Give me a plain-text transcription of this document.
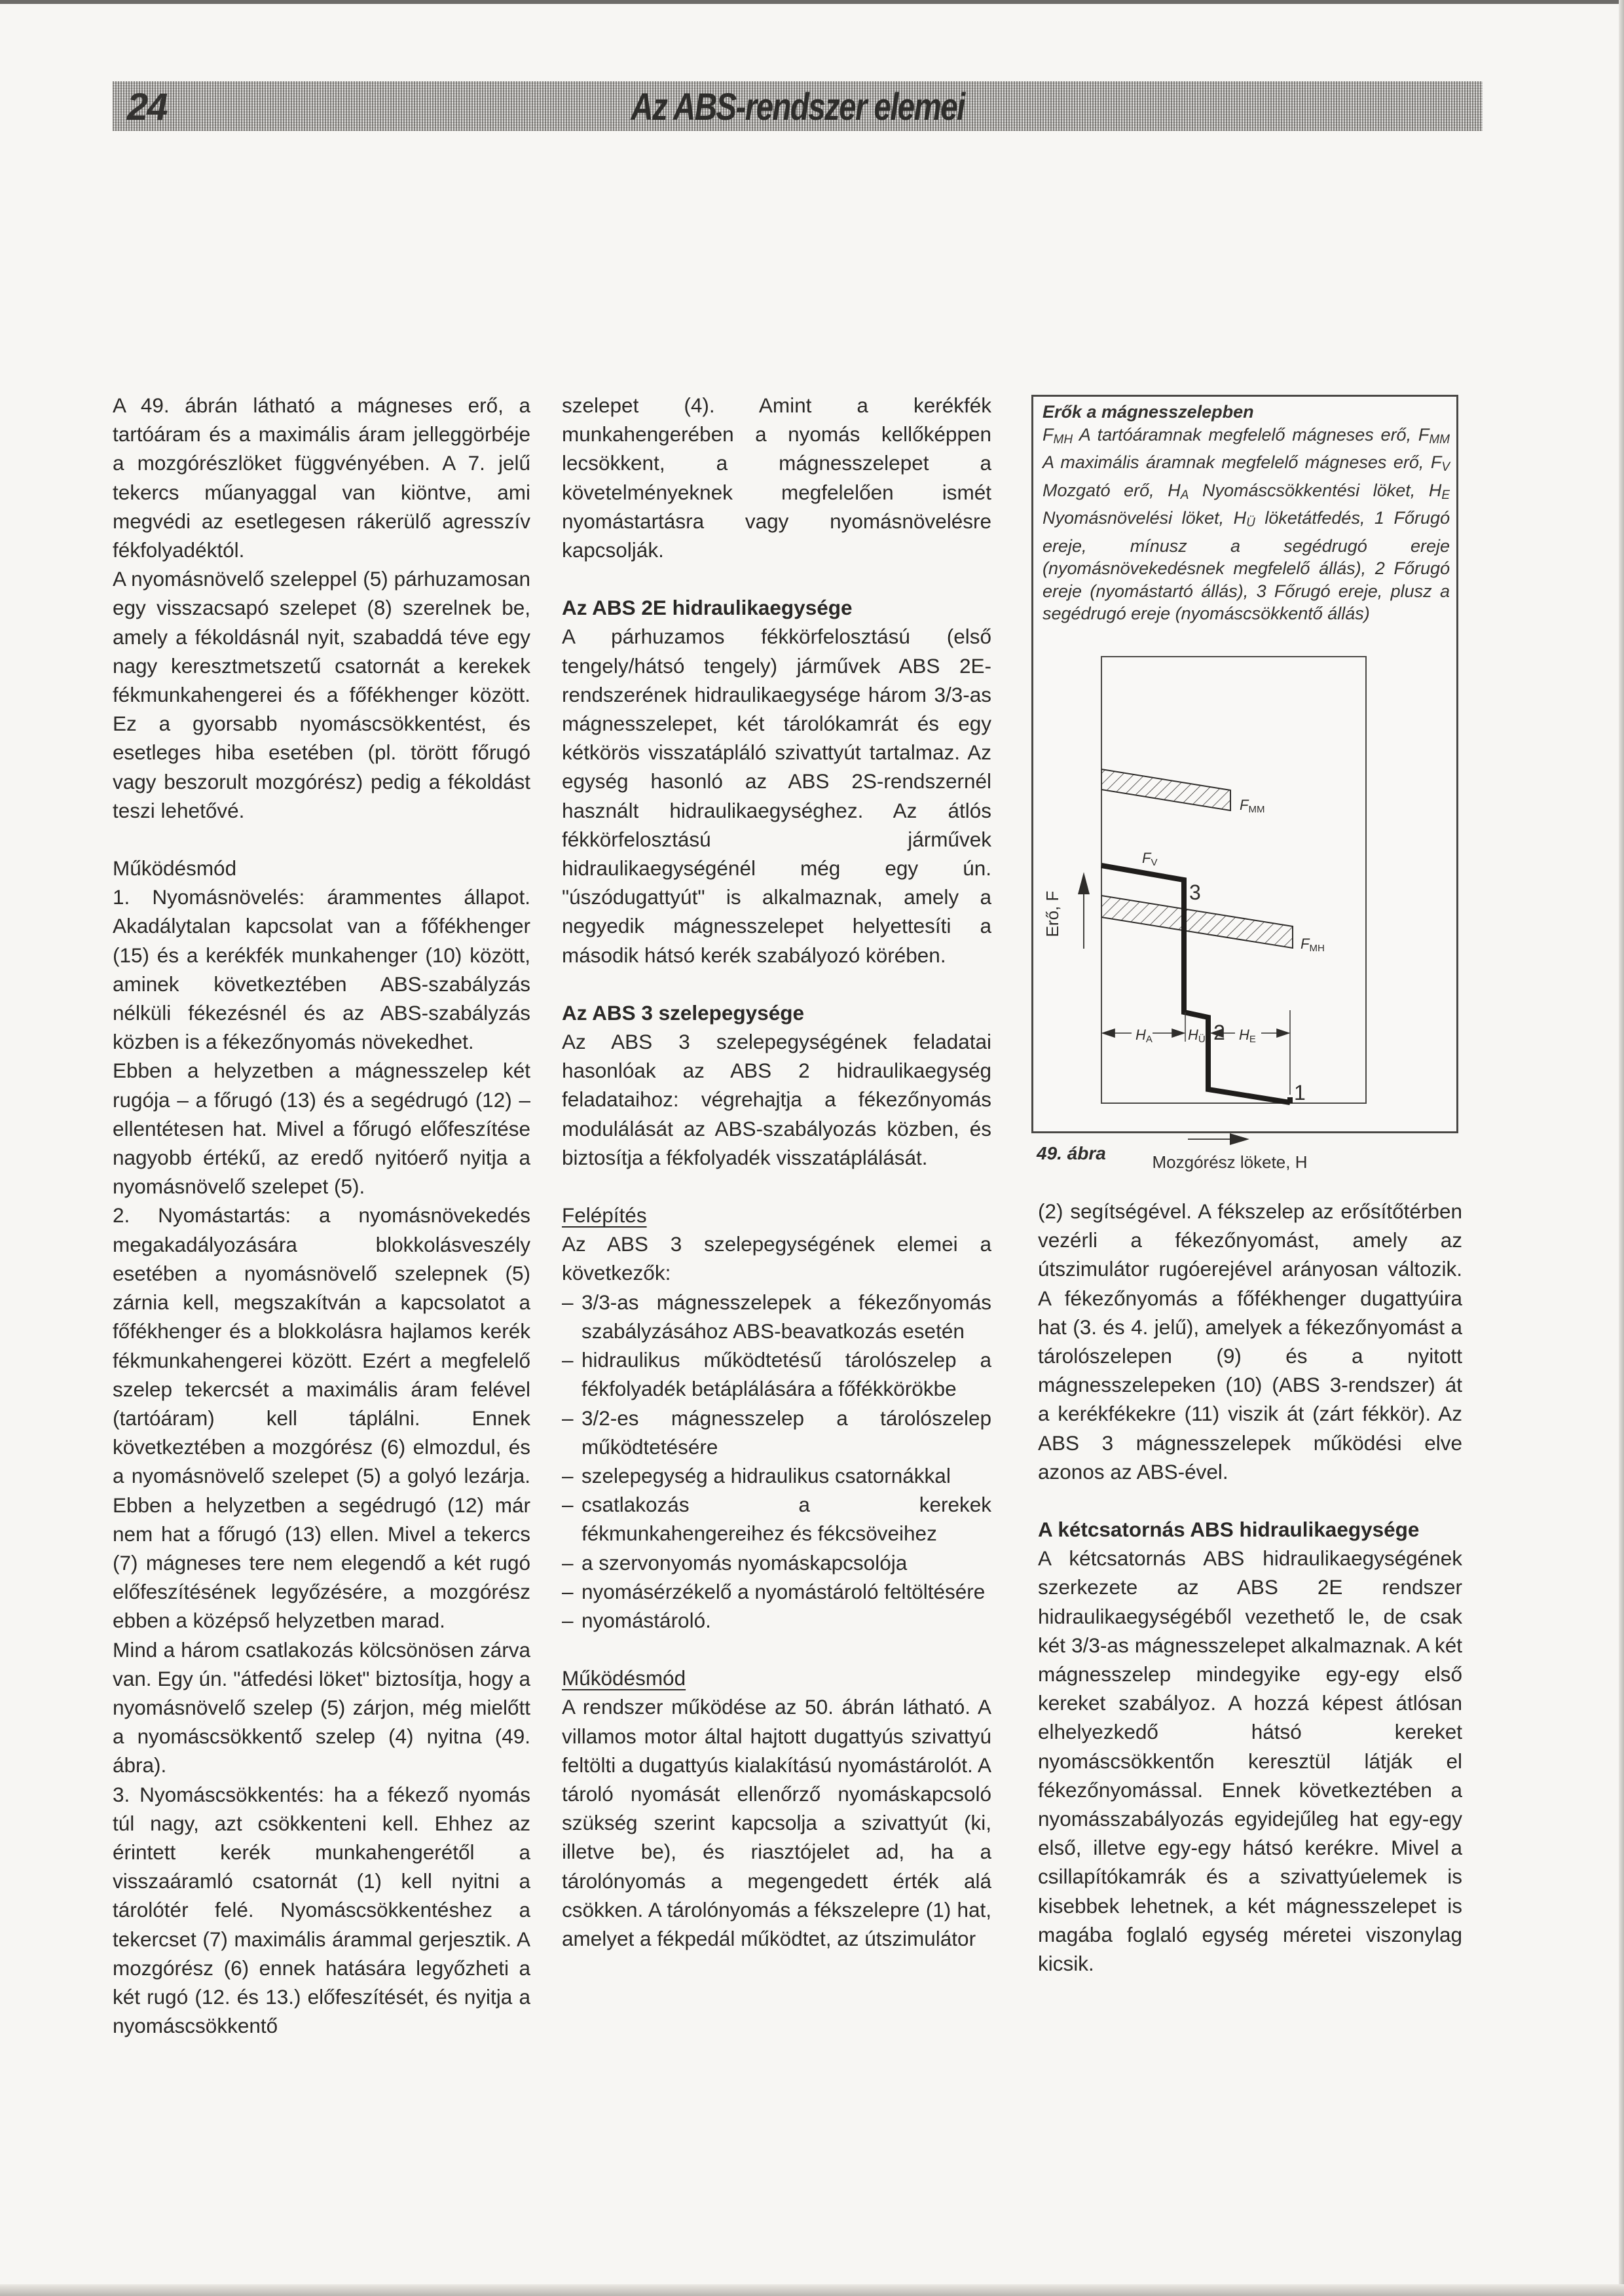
24	Az ABS-rendszer elemei

A 49. ábrán látható a mágneses erő, a tartóáram és a maximális áram jelleggörbéje a mozgórészlöket függvényében. A 7. jelű tekercs műanyaggal van kiöntve, ami megvédi az esetlegesen rákerülő agresszív fékfolyadéktól.

A nyomásnövelő szeleppel (5) párhuzamosan egy visszacsapó szelepet (8) szerelnek be, amely a fékoldásnál nyit, szabaddá téve egy nagy keresztmetszetű csatornát a kerekek fékmunkahengerei és a főfékhenger között. Ez a gyorsabb nyomáscsökkentést, és esetleges hiba esetében (pl. törött főrugó vagy beszorult mozgórész) pedig a fékoldást teszi lehetővé.

Működésmód

1. Nyomásnövelés: árammentes állapot. Akadálytalan kapcsolat van a főfékhenger (15) és a kerékfék munkahenger (10) között, aminek következtében ABS-szabályzás nélküli fékezésnél és az ABS-szabályzás közben is a fékezőnyomás növekedhet.

Ebben a helyzetben a mágnesszelep két rugója – a főrugó (13) és a segédrugó (12) – ellentétesen hat. Mivel a főrugó előfeszítése nagyobb értékű, az eredő nyitóerő nyitja a nyomásnövelő szelepet (5).

2. Nyomástartás: a nyomásnövekedés megakadályozására blokkolásveszély esetében a nyomásnövelő szelepnek (5) zárnia kell, megszakítván a kapcsolatot a főfékhenger és a blokkolásra hajlamos kerék fékmunkahengerei között. Ezért a megfelelő szelep tekercsét a maximális áram felével (tartóáram) kell táplálni. Ennek következtében a mozgórész (6) elmozdul, és a nyomásnövelő szelepet (5) a golyó lezárja. Ebben a helyzetben a segédrugó (12) már nem hat a főrugó (13) ellen. Mivel a tekercs (7) mágneses tere nem elegendő a két rugó előfeszítésének legyőzésére, a mozgórész ebben a középső helyzetben marad.

Mind a három csatlakozás kölcsönösen zárva van. Egy ún. "átfedési löket" biztosítja, hogy a nyomásnövelő szelep (5) zárjon, még mielőtt a nyomáscsökkentő szelep (4) nyitna (49. ábra).

3. Nyomáscsökkentés: ha a fékező nyomás túl nagy, azt csökkenteni kell. Ehhez az érintett kerék munkahengerétől a visszaáramló csatornát (1) kell nyitni a tárolótér felé. Nyomáscsökkentéshez a tekercset (7) maximális árammal gerjesztik. A mozgórész (6) ennek hatására legyőzheti a két rugó (12. és 13.) előfeszítését, és nyitja a nyomáscsökkentő

szelepet (4). Amint a kerékfék munkahengerében a nyomás kellőképpen lecsökkent, a mágnesszelepet a követelményeknek megfelelően ismét nyomástartásra vagy nyomásnövelésre kapcsolják.

Az ABS 2E hidraulikaegysége

A párhuzamos fékkörfelosztású (első tengely/hátsó tengely) járművek ABS 2E-rendszerének hidraulikaegysége három 3/3-as mágnesszelepet, két tárolókamrát és egy kétkörös visszatápláló szivattyút tartalmaz. Az egység hasonló az ABS 2S-rendszernél használt hidraulikaegységhez. Az átlós fékkörfelosztású járművek hidraulikaegységénél még egy ún. "úszódugattyút" is alkalmaznak, amely a negyedik mágnesszelepet helyettesíti a második hátsó kerék szabályozó körében.

Az ABS 3 szelepegysége

Az ABS 3 szelepegységének feladatai hasonlóak az ABS 2 hidraulikaegység feladataihoz: végrehajtja a fékezőnyomás modulálását az ABS-szabályozás közben, és biztosítja a fékfolyadék visszatáplálását.

Felépítés

Az ABS 3 szelepegységének elemei a következők:

– 3/3-as mágnesszelepek a fékezőnyomás szabályzásához ABS-beavatkozás esetén
– hidraulikus működtetésű tárolószelep a fékfolyadék betáplálására a főfékkörökbe
– 3/2-es mágnesszelep a tárolószelep működtetésére
– szelepegység a hidraulikus csatornákkal
– csatlakozás a kerekek fékmunkahengereihez és fékcsöveihez
– a szervonyomás nyomáskapcsolója
– nyomásérzékelő a nyomástároló feltöltésére
– nyomástároló.

Működésmód

A rendszer működése az 50. ábrán látható. A villamos motor által hajtott dugattyús szivattyú feltölti a dugattyús kialakítású nyomástárolót. A tároló nyomását ellenőrző nyomáskapcsoló szükség szerint kapcsolja a szivattyút (ki, illetve be), és riasztójelet ad, ha a tárolónyomás a megengedett érték alá csökken. A tárolónyomás a fékszelepre (1) hat, amelyet a fékpedál működtet, az útszimulátor

Erők a mágnesszelepben
$F_{MH}$ A tartóáramnak megfelelő mágneses erő, $F_{MM}$ A maximális áramnak megfelelő mágneses erő, $F_V$ Mozgató erő, $H_A$ Nyomáscsökkentési löket, $H_E$ Nyomásnövelési löket, $H_Ü$ löketátfedés, 1 Főrugó ereje, mínusz a segédrugó ereje (nyomásnövekedésnek megfelelő állás), 2 Főrugó ereje (nyomástartó állás), 3 Főrugó ereje, plusz a segédrugó ereje (nyomáscsökkentő állás)
Erő, F
Mozgórész lökete, H
FMM
FMH
FV
3
2
1
HA HÜ HE
49. ábra

(2) segítségével. A fékszelep az erősítőtérben vezérli a fékezőnyomást, amely az útszimulátor rugóerejével arányosan változik. A fékezőnyomás a főfékhenger dugattyúira hat (3. és 4. jelű), amelyek a fékezőnyomást a tárolószelepen (9) és a nyitott mágnesszelepeken (10) (ABS 3-rendszer) át a kerékfékekre (11) viszik át (zárt fékkör). Az ABS 3 mágnesszelepek működési elve azonos az ABS-ével.

A kétcsatornás ABS hidraulikaegysége

A kétcsatornás ABS hidraulikaegységének szerkezete az ABS 2E rendszer hidraulikaegységéből vezethető le, de csak két 3/3-as mágnesszelepet alkalmaznak. A két mágnesszelep mindegyike egy-egy első kereket szabályoz. A hozzá képest átlósan elhelyezkedő hátsó kereket nyomáscsökkentőn keresztül látják el fékezőnyomással. Ennek következtében a nyomásszabályozás egyidejűleg hat egy-egy első, illetve egy-egy hátsó kerékre. Mivel a csillapítókamrák és a szivattyúelemek is kisebbek lehetnek, a két mágnesszelepet is magába foglaló egység méretei viszonylag kicsik.
